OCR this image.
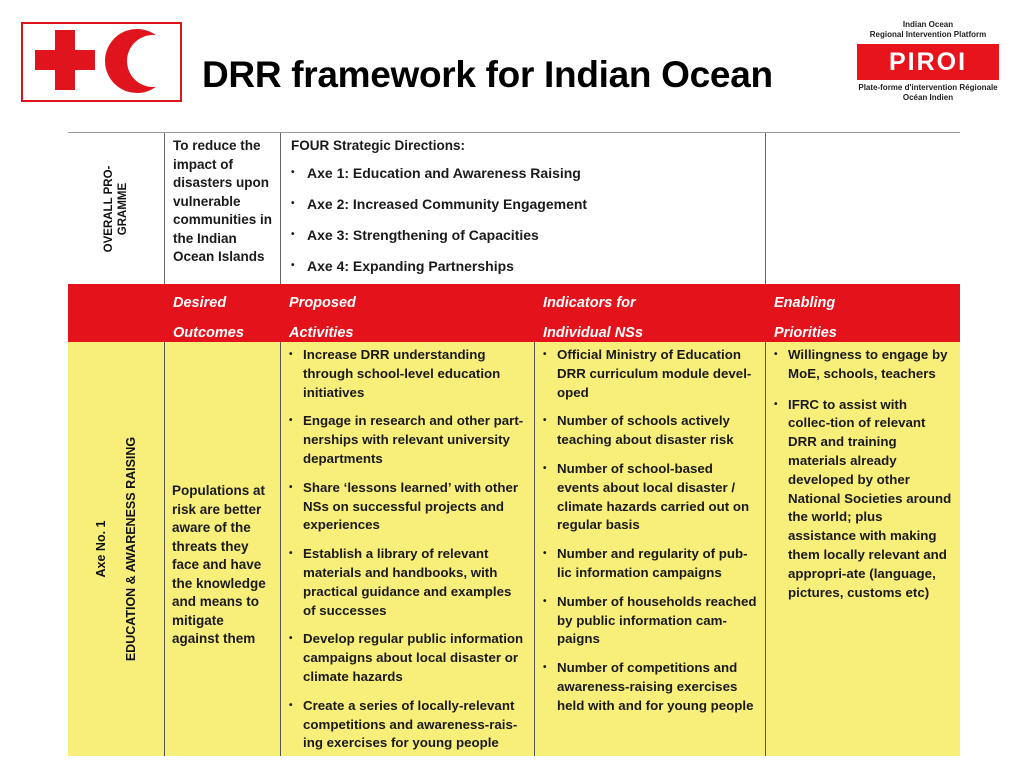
DRR framework for Indian Ocean
Indian Ocean
Regional Intervention Platform
PIROI
Plate-forme d'intervention Régionale
Océan Indien
OVERALL PRO- GRAMME
To reduce the impact of disasters upon vulnerable communities in the Indian Ocean Islands
FOUR Strategic Directions:
• Axe 1: Education and Awareness Raising
• Axe 2: Increased Community Engagement
• Axe 3: Strengthening of Capacities
• Axe 4: Expanding Partnerships
Desired
Outcomes
Proposed
Activities
Indicators for
Individual NSs
Enabling
Priorities
Axe No. 1	EDUCATION & AWARENESS RAISING	Populations at risk are better aware of the threats they face and have the knowledge and means to mitigate against them
• Increase DRR understanding through school-level education initiatives
• Engage in research and other part-nerships with relevant university departments
• Share ‘lessons learned’ with other NSs on successful projects and experiences
• Establish a library of relevant materials and handbooks, with practical guidance and examples of successes
• Develop regular public information campaigns about local disaster or climate hazards
• Create a series of locally-relevant competitions and awareness-rais-ing exercises for young people
• Official Ministry of Education DRR curriculum module devel-oped
• Number of schools actively teaching about disaster risk
• Number of school-based events about local disaster / climate hazards carried out on regular basis
• Number and regularity of pub-lic information campaigns
• Number of households reached by public information cam-paigns
• Number of competitions and awareness-raising exercises held with and for young people
• Willingness to engage by MoE, schools, teachers
• IFRC to assist with collec-tion of relevant DRR and training materials already developed by other National Societies around the world; plus assistance with making them locally relevant and appropri-ate (language, pictures, customs etc)
